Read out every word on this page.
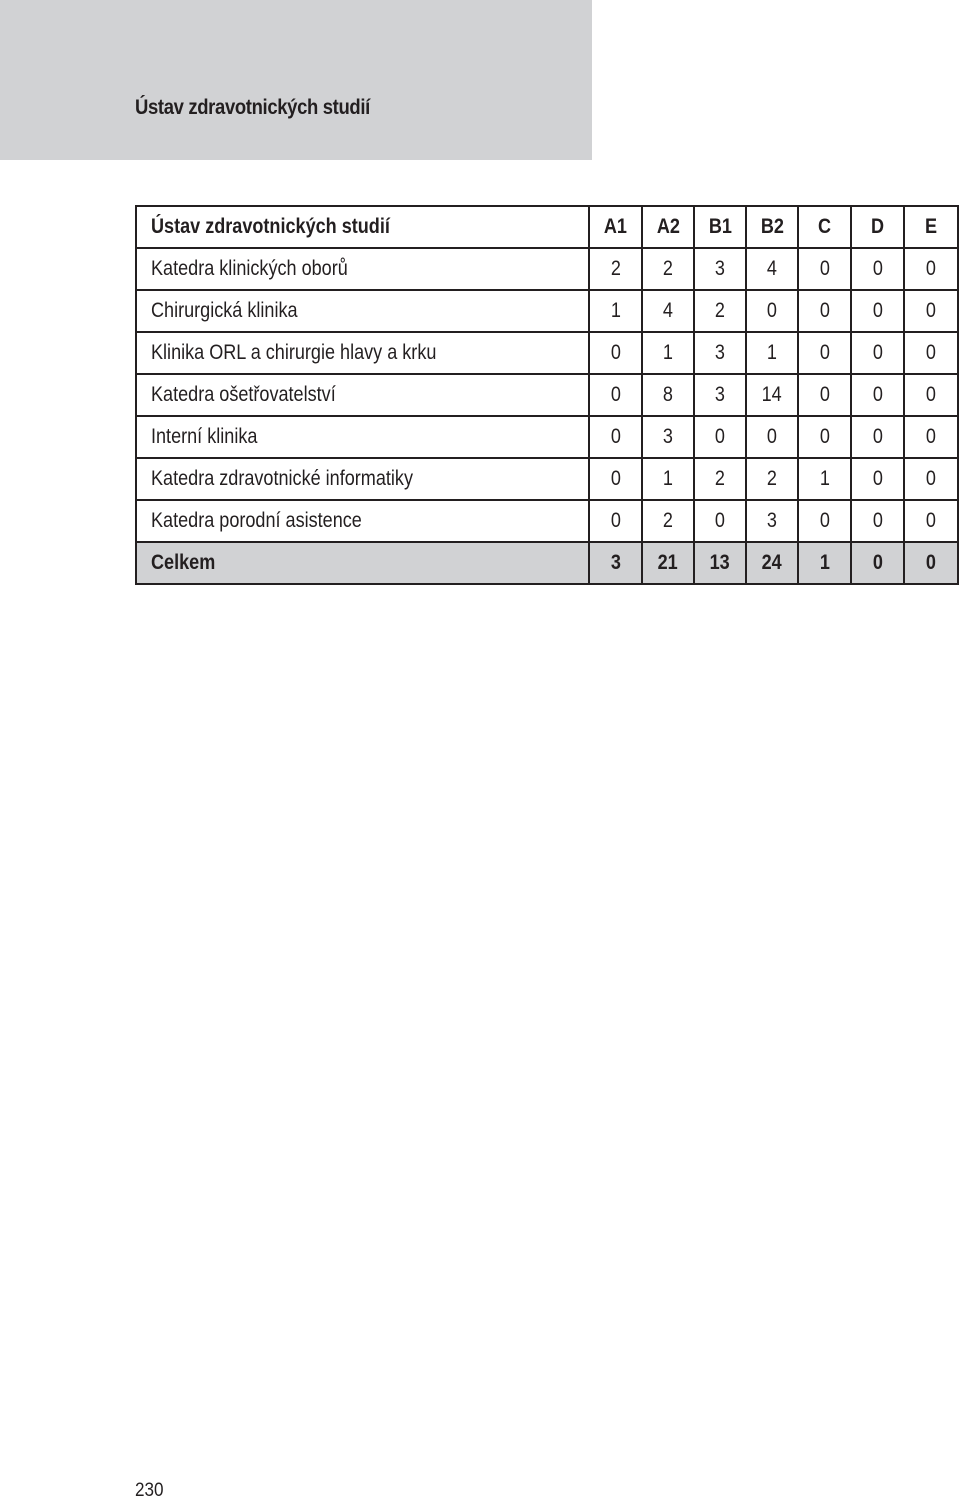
Ústav zdravotnických studií
Ústav zdravotnických studií	A1	A2	B1	B2	C	D	E
Katedra klinických oborů	2	2	3	4	0	0	0
Chirurgická klinika	1	4	2	0	0	0	0
Klinika ORL a chirurgie hlavy a krku	0	1	3	1	0	0	0
Katedra ošetřovatelství	0	8	3	14	0	0	0
Interní klinika	0	3	0	0	0	0	0
Katedra zdravotnické informatiky	0	1	2	2	1	0	0
Katedra porodní asistence	0	2	0	3	0	0	0
Celkem	3	21	13	24	1	0	0
230
